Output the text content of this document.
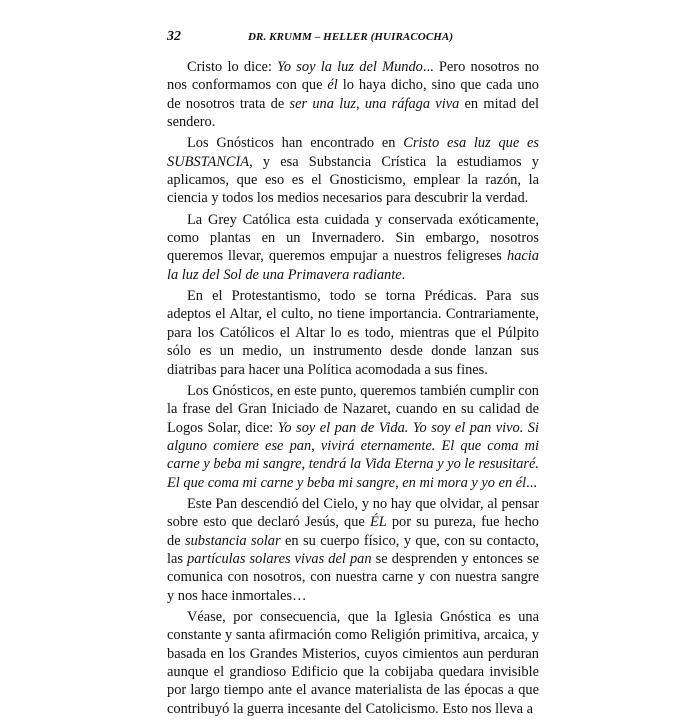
32	DR. KRUMM – HELLER (HUIRACOCHA)

Cristo lo dice: Yo soy la luz del Mundo... Pero nosotros no nos conformamos con que él lo haya dicho, sino que cada uno de nosotros trata de ser una luz, una ráfaga viva en mitad del sendero.

Los Gnósticos han encontrado en Cristo esa luz que es SUBSTANCIA, y esa Substancia Crística la estudiamos y aplicamos, que eso es el Gnosticismo, emplear la razón, la ciencia y todos los medios necesarios para descubrir la verdad.

La Grey Católica esta cuidada y conservada exóticamente, como plantas en un Invernadero. Sin embargo, nosotros queremos llevar, queremos empujar a nuestros feligreses hacia la luz del Sol de una Primavera radiante.

En el Protestantismo, todo se torna Prédicas. Para sus adeptos el Altar, el culto, no tiene importancia. Contrariamente, para los Católicos el Altar lo es todo, mientras que el Púlpito sólo es un medio, un instrumento desde donde lanzan sus diatribas para hacer una Política acomodada a sus fines.

Los Gnósticos, en este punto, queremos también cumplir con la frase del Gran Iniciado de Nazaret, cuando en su calidad de Logos Solar, dice: Yo soy el pan de Vida. Yo soy el pan vivo. Si alguno comiere ese pan, vivirá eternamente. El que coma mi carne y beba mi sangre, tendrá la Vida Eterna y yo le resusitaré. El que coma mi carne y beba mi sangre, en mi mora y yo en él...

Este Pan descendió del Cielo, y no hay que olvidar, al pensar sobre esto que declaró Jesús, que ÉL por su pureza, fue hecho de substancia solar en su cuerpo físico, y que, con su contacto, las partículas solares vivas del pan se desprenden y entonces se comunica con nosotros, con nuestra carne y con nuestra sangre y nos hace inmortales…

Véase, por consecuencia, que la Iglesia Gnóstica es una constante y santa afirmación como Religión primitiva, arcaica, y basada en los Grandes Misterios, cuyos cimientos aun perduran aunque el grandioso Edificio que la cobijaba quedara invisible por largo tiempo ante el avance materialista de las épocas a que contribuyó la guerra incesante del Catolicismo. Esto nos lleva a
